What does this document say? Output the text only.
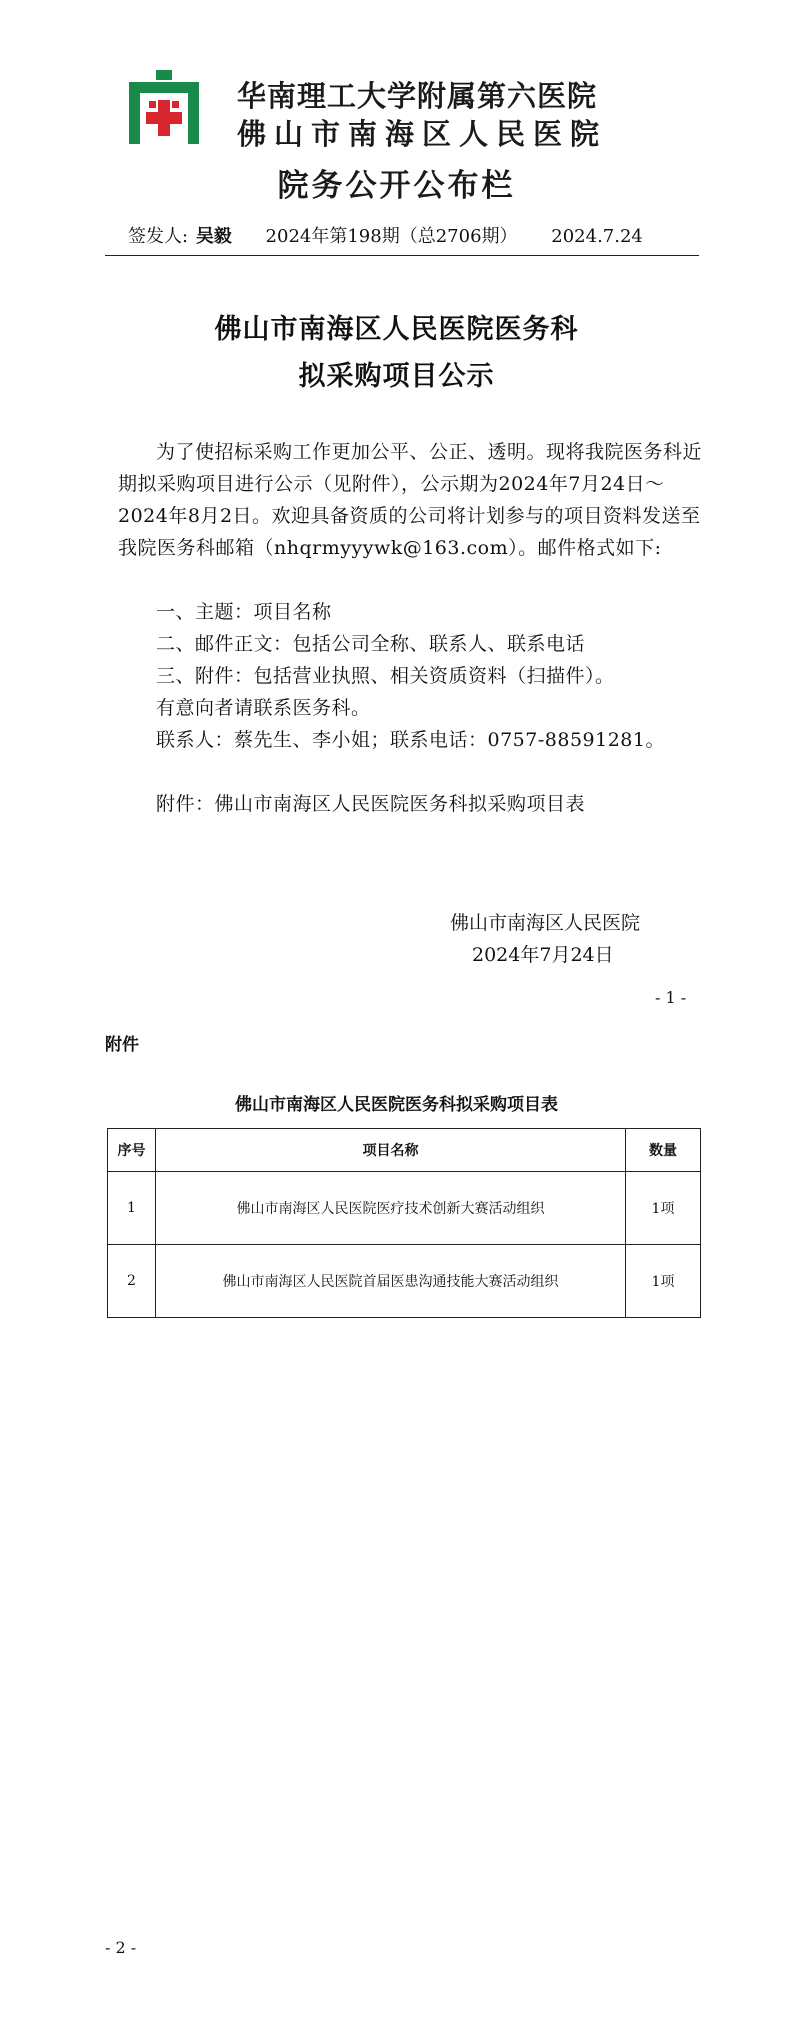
华南理工大学附属第六医院
佛山市南海区人民医院
院务公开公布栏
签发人: 吴毅 2024年第198期（总2706期） 2024.7.24
佛山市南海区人民医院医务科
拟采购项目公示
为了使招标采购工作更加公平、公正、透明。现将我院医务科近期拟采购项目进行公示（见附件），公示期为2024年7月24日～2024年8月2日。欢迎具备资质的公司将计划参与的项目资料发送至我院医务科邮箱（nhqrmyyywk@163.com）。邮件格式如下:
一、主题：项目名称
二、邮件正文：包括公司全称、联系人、联系电话
三、附件：包括营业执照、相关资质资料（扫描件）。
有意向者请联系医务科。
联系人：蔡先生、李小姐；联系电话：0757-88591281。
附件：佛山市南海区人民医院医务科拟采购项目表
佛山市南海区人民医院
2024年7月24日
- 1 -
附件
佛山市南海区人民医院医务科拟采购项目表
序号	项目名称	数量
1	佛山市南海区人民医院医疗技术创新大赛活动组织	1项
2	佛山市南海区人民医院首届医患沟通技能大赛活动组织	1项
- 2 -
